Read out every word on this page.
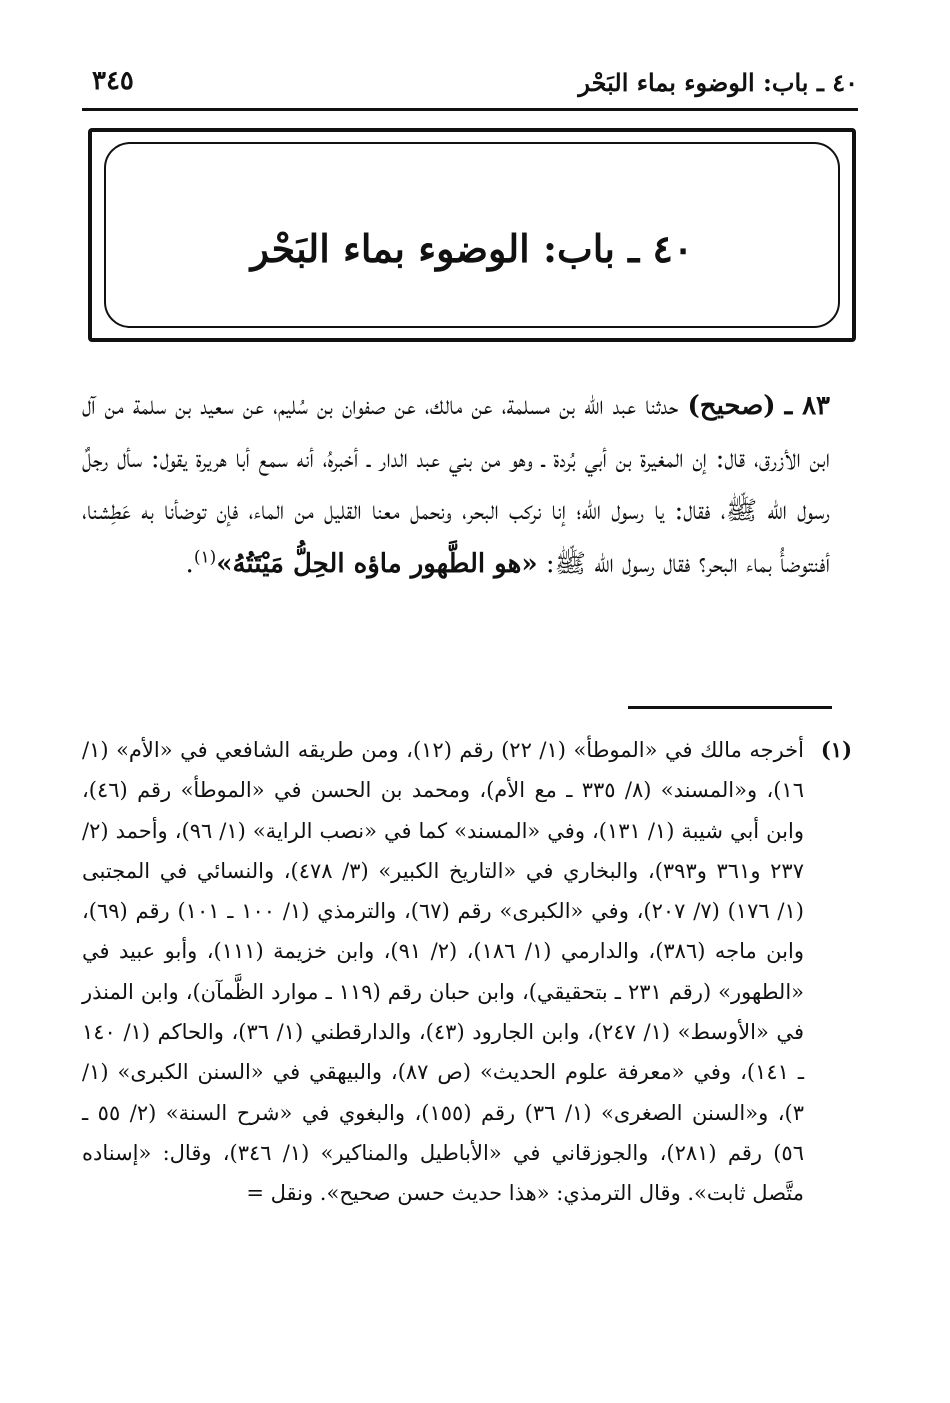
٤٠ ـ باب: الوضوء بماء البَحْر
٣٤٥
٤٠ ـ باب: الوضوء بماء البَحْر
٨٣ ـ (صحيح) حدثنا عبد الله بن مسلمة، عن مالك، عن صفوان بن سُليم، عن سعيد بن سلمة من آل ابن الأزرق، قال: إن المغيرة بن أبي بُردة ـ وهو من بني عبد الدار ـ أخبرهُ، أنه سمع أبا هريرة يقول: سأل رجلٌ رسول الله ﷺ، فقال: يا رسول الله؛ إنا نركب البحر، ونحمل معنا القليل من الماء، فإن توضأنا به عَطِشنا، أفنتوضأُ بماء البحر؟ فقال رسول الله ﷺ: «هو الطَّهور ماؤه الحِلُّ مَيْتَتُهُ»$^{(١)}$.
(١)
أخرجه مالك في «الموطأ» (١/ ٢٢) رقم (١٢)، ومن طريقه الشافعي في «الأم» (١/ ١٦)، و«المسند» (٨/ ٣٣٥ ـ مع الأم)، ومحمد بن الحسن في «الموطأ» رقم (٤٦)، وابن أبي شيبة (١/ ١٣١)، وفي «المسند» كما في «نصب الراية» (١/ ٩٦)، وأحمد (٢/ ٢٣٧ و٣٦١ و٣٩٣)، والبخاري في «التاريخ الكبير» (٣/ ٤٧٨)، والنسائي في المجتبى (١/ ١٧٦) (٧/ ٢٠٧)، وفي «الكبرى» رقم (٦٧)، والترمذي (١/ ١٠٠ ـ ١٠١) رقم (٦٩)، وابن ماجه (٣٨٦)، والدارمي (١/ ١٨٦)، (٢/ ٩١)، وابن خزيمة (١١١)، وأبو عبيد في «الطهور» (رقم ٢٣١ ـ بتحقيقي)، وابن حبان رقم (١١٩ ـ موارد الظَّمآن)، وابن المنذر في «الأوسط» (١/ ٢٤٧)، وابن الجارود (٤٣)، والدارقطني (١/ ٣٦)، والحاكم (١/ ١٤٠ ـ ١٤١)، وفي «معرفة علوم الحديث» (ص ٨٧)، والبيهقي في «السنن الكبرى» (١/ ٣)، و«السنن الصغرى» (١/ ٣٦) رقم (١٥٥)، والبغوي في «شرح السنة» (٢/ ٥٥ ـ ٥٦) رقم (٢٨١)، والجوزقاني في «الأباطيل والمناكير» (١/ ٣٤٦)، وقال: «إسناده متَّصل ثابت». وقال الترمذي: «هذا حديث حسن صحيح». ونقل =
